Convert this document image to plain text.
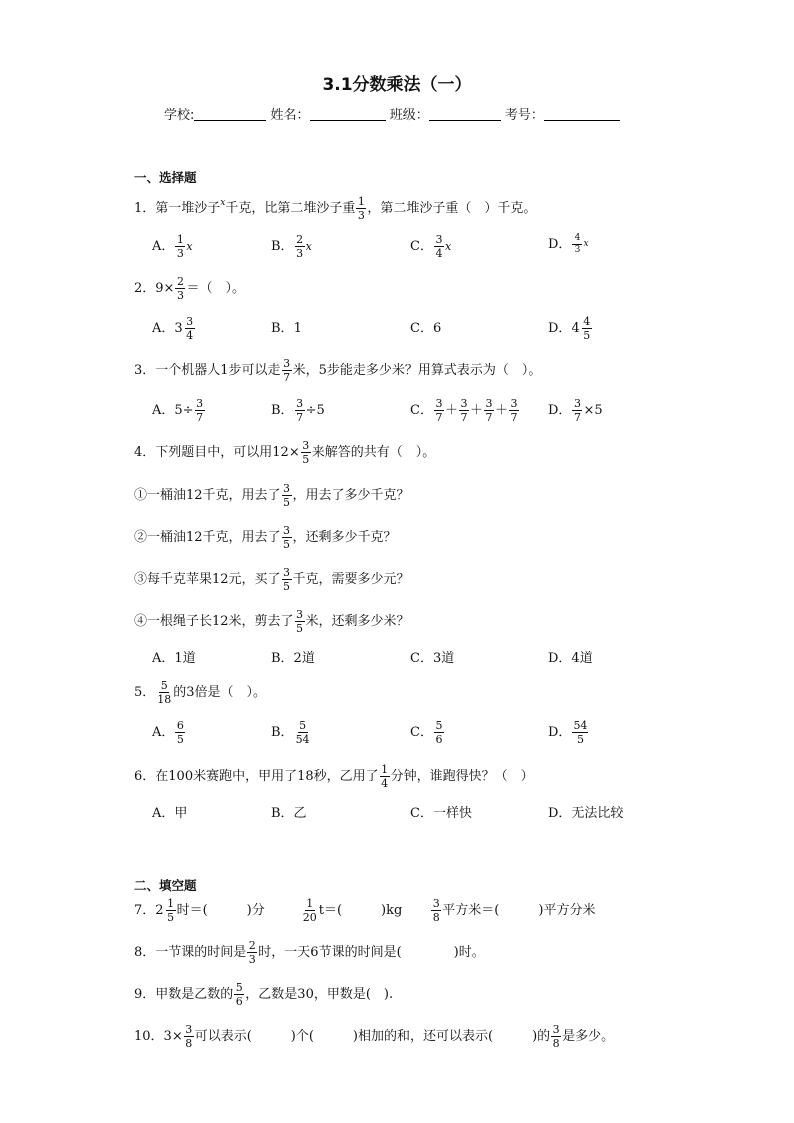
3.1分数乘法（一）
学校:	姓名：	班级：	考号：
一、选择题
1． 第一堆沙子 x 千克，比第二堆沙子重 $\frac{1}{3}$ ，第二堆沙子重（　）千克。
A． $\frac{1}{3}$ x	B． $\frac{2}{3}$ x	C． $\frac{3}{4}$ x	D． $\frac{4}{3}$ x
2． $9\times \frac{2}{3}$ ＝（　）。
A． $3 \frac{3}{4}$	B． 1	C． 6	D． $4 \frac{4}{5}$
3． 一个机器人1步可以走 $\frac{3}{7}$ 米，5步能走多少米？用算式表示为（　）。
A． $5\div \frac{3}{7}$	B． $\frac{3}{7} \div 5$	C． $\frac{3}{7} + \frac{3}{7} + \frac{3}{7} + \frac{3}{7}$ D． $\frac{3}{7} \times 5$
4． 下列题目中，可以用$12\times \frac{3}{5}$ 来解答的共有（　）。
①一桶油12千克，用去了 $\frac{3}{5}$ ，用去了多少千克？
②一桶油12千克，用去了 $\frac{3}{5}$ ，还剩多少千克？
③每千克苹果12元，买了 $\frac{3}{5}$ 千克，需要多少元？
④一根绳子长12米，剪去了 $\frac{3}{5}$ 米，还剩多少米？
A．1道	B．2道	C．3道	D．4道
5． $\frac{5}{18}$ 的3倍是（　）。
A． $\frac{6}{5}$	B． $\frac{5}{54}$	C． $\frac{5}{6}$	D． $\frac{54}{5}$
6． 在100米赛跑中，甲用了18秒，乙用了 $\frac{1}{4}$ 分钟，谁跑得快？（　）
A．甲	B．乙	C．一样快	D．无法比较
二、填空题
7． $2 \frac{1}{5}$ 时＝(　　　)分	$\frac{1}{20} t=$(　　　)kg	$\frac{3}{8}$ 平方米＝(　　　)平方分米
8． 一节课的时间是 $\frac{2}{3}$ 时，一天6节课的时间是(　　　　)时。
9． 甲数是乙数的 $\frac{5}{6}$ ，乙数是30，甲数是(　).
10． $3\times \frac{3}{8}$ 可以表示(　　　)个(　　　)相加的和，还可以表示(　　　)的 $\frac{3}{8}$ 是多少。
